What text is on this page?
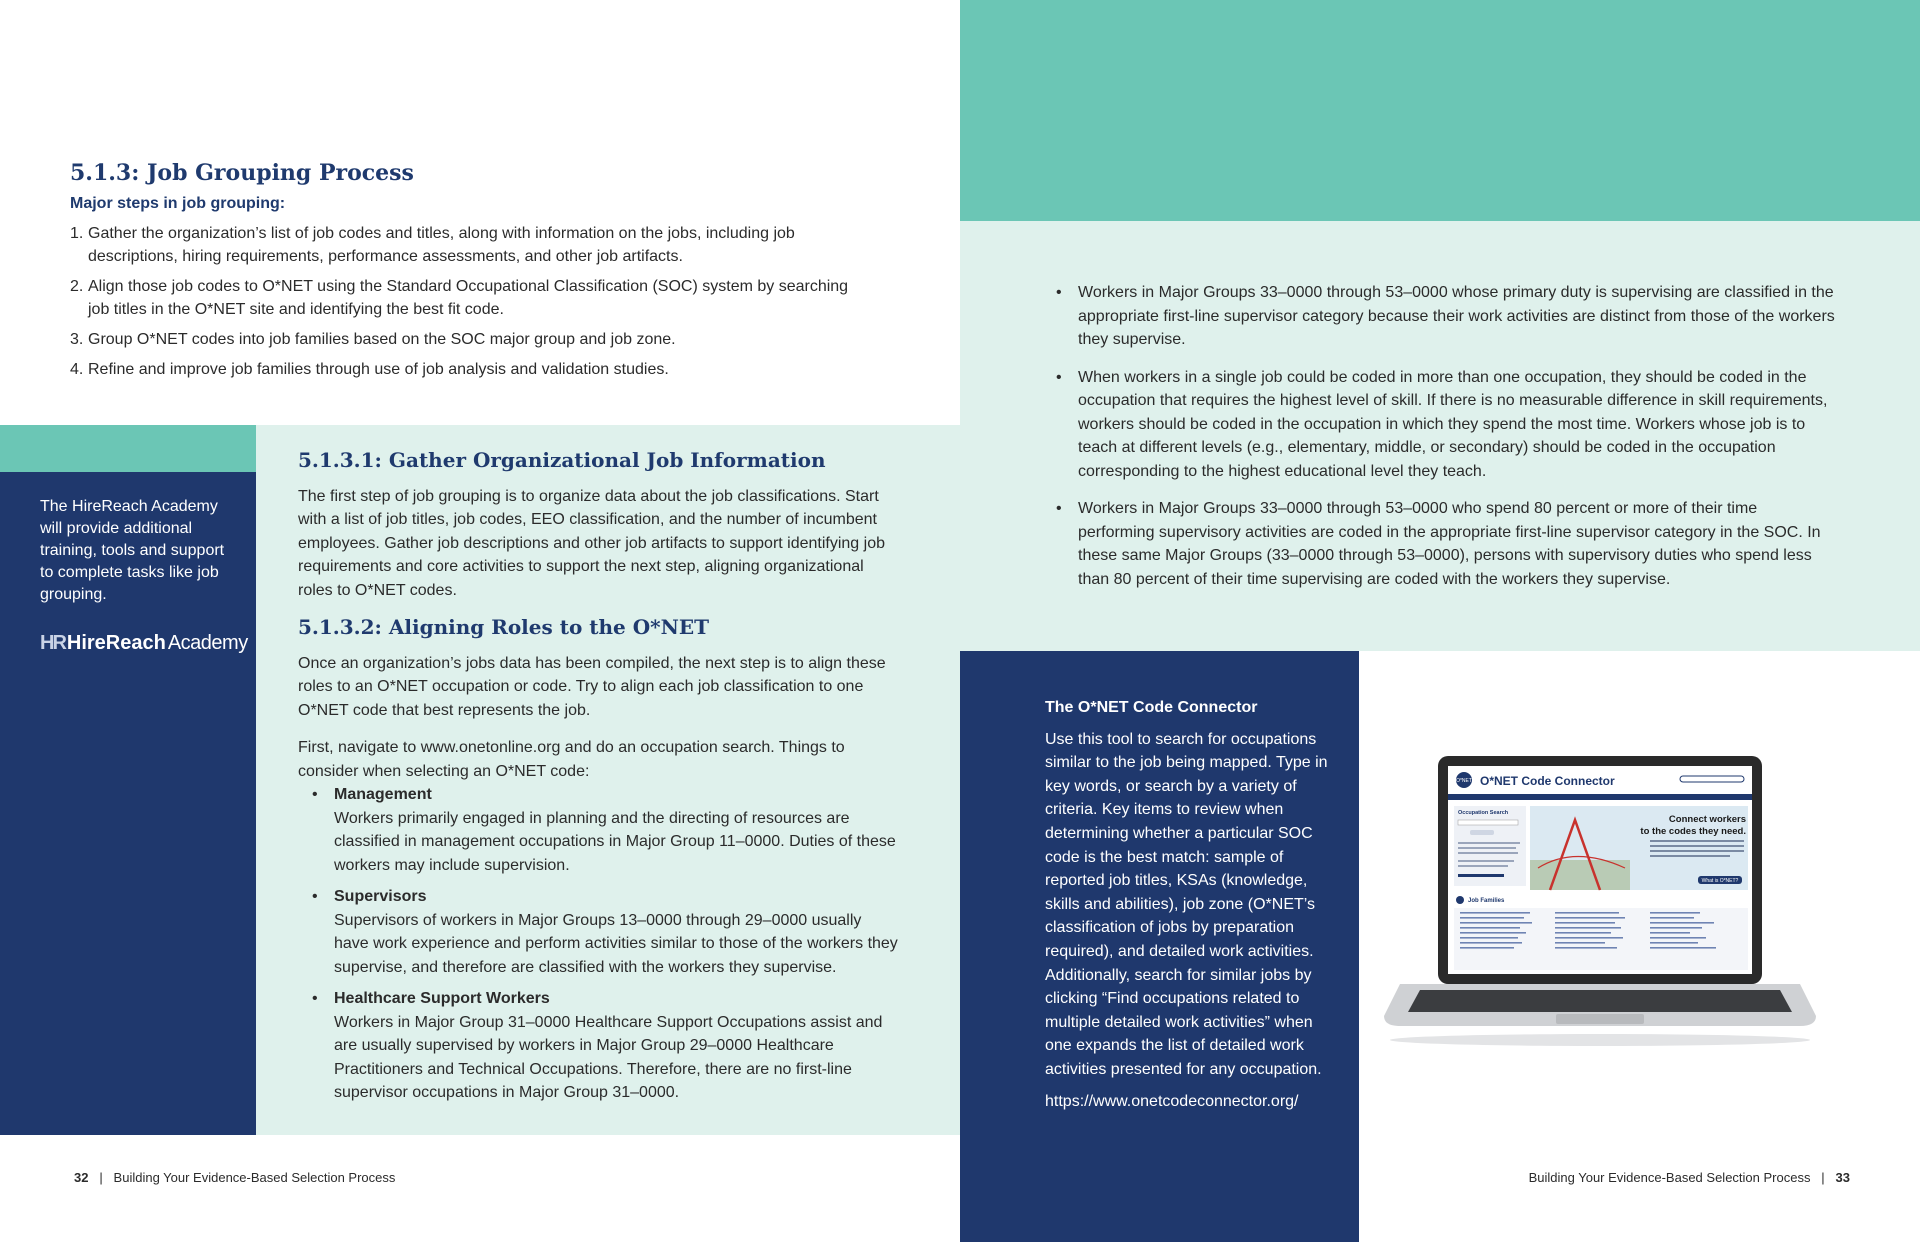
5.1.3: Job Grouping Process
Major steps in job grouping:
1. Gather the organization’s list of job codes and titles, along with information on the jobs, including job descriptions, hiring requirements, performance assessments, and other job artifacts.
2. Align those job codes to O*NET using the Standard Occupational Classification (SOC) system by searching job titles in the O*NET site and identifying the best fit code.
3. Group O*NET codes into job families based on the SOC major group and job zone.
4. Refine and improve job families through use of job analysis and validation studies.

The HireReach Academy will provide additional training, tools and support to complete tasks like job grouping.

HR HireReach Academy
5.1.3.1: Gather Organizational Job Information

The first step of job grouping is to organize data about the job classifications. Start with a list of job titles, job codes, EEO classification, and the number of incumbent employees. Gather job descriptions and other job artifacts to support identifying job requirements and core activities to support the next step, aligning organizational roles to O*NET codes.

5.1.3.2: Aligning Roles to the O*NET

Once an organization’s jobs data has been compiled, the next step is to align these roles to an O*NET occupation or code. Try to align each job classification to one O*NET code that best represents the job.

First, navigate to www.onetonline.org and do an occupation search. Things to consider when selecting an O*NET code:

• Management
Workers primarily engaged in planning and the directing of resources are classified in management occupations in Major Group 11–0000. Duties of these workers may include supervision.
• Supervisors
Supervisors of workers in Major Groups 13–0000 through 29–0000 usually have work experience and perform activities similar to those of the workers they supervise, and therefore are classified with the workers they supervise.
• Healthcare Support Workers
Workers in Major Group 31–0000 Healthcare Support Occupations assist and are usually supervised by workers in Major Group 29–0000 Healthcare Practitioners and Technical Occupations. Therefore, there are no first-line supervisor occupations in Major Group 31–0000.
32 | Building Your Evidence-Based Selection Process
• Workers in Major Groups 33–0000 through 53–0000 whose primary duty is supervising are classified in the appropriate first-line supervisor category because their work activities are distinct from those of the workers they supervise.
• When workers in a single job could be coded in more than one occupation, they should be coded in the occupation that requires the highest level of skill. If there is no measurable difference in skill requirements, workers should be coded in the occupation in which they spend the most time. Workers whose job is to teach at different levels (e.g., elementary, middle, or secondary) should be coded in the occupation corresponding to the highest educational level they teach.
• Workers in Major Groups 33–0000 through 53–0000 who spend 80 percent or more of their time performing supervisory activities are coded in the appropriate first-line supervisor category in the SOC. In these same Major Groups (33–0000 through 53–0000), persons with supervisory duties who spend less than 80 percent of their time supervising are coded with the workers they supervise.
The O*NET Code Connector

Use this tool to search for occupations similar to the job being mapped. Type in key words, or search by a variety of criteria. Key items to review when determining whether a particular SOC code is the best match: sample of reported job titles, KSAs (knowledge, skills and abilities), job zone (O*NET’s classification of jobs by preparation required), and detailed work activities. Additionally, search for similar jobs by clicking “Find occupations related to multiple detailed work activities” when one expands the list of detailed work activities presented for any occupation.

https://www.onetcodeconnector.org/

O*NET O*NET Code Connector
Occupation Search
Connect workers
to the codes they need.
What is O*NET?
Job Families
Building Your Evidence-Based Selection Process | 33
